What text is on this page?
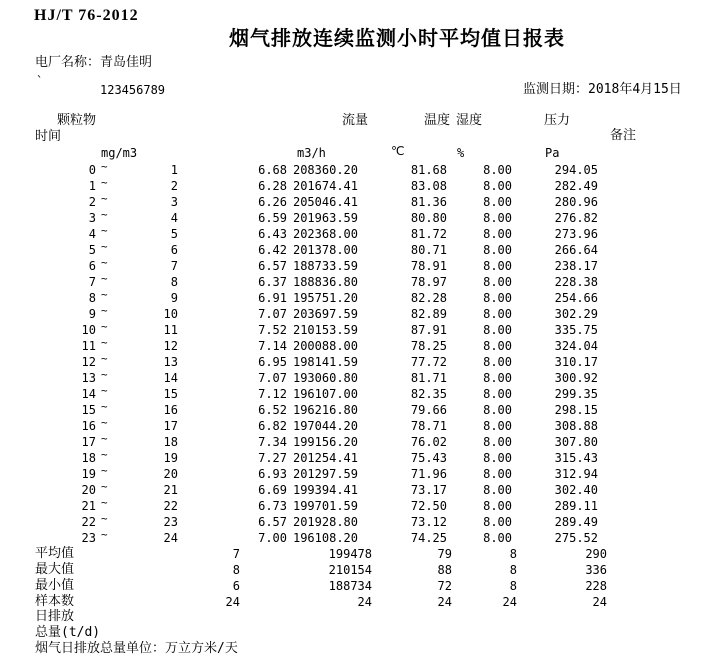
HJ/T 76-2012
烟气排放连续监测小时平均值日报表
电厂名称：青岛佳明
`
123456789	监测日期：2018年4月15日
颗粒物
时间
流量	温度 湿度	压力
备注
mg/m3	m3/h	℃	%	Pa
0 ~	1	6.68 208360.20	81.68	8.00	294.05
1 ~	2	6.28 201674.41	83.08	8.00	282.49
2 ~	3	6.26 205046.41	81.36	8.00	280.96
3 ~	4	6.59 201963.59	80.80	8.00	276.82
4 ~	5	6.43 202368.00	81.72	8.00	273.96
5 ~	6	6.42 201378.00	80.71	8.00	266.64
6 ~	7	6.57 188733.59	78.91	8.00	238.17
7 ~	8	6.37 188836.80	78.97	8.00	228.38
8 ~	9	6.91 195751.20	82.28	8.00	254.66
9 ~	10	7.07 203697.59	82.89	8.00	302.29
10 ~	11	7.52 210153.59	87.91	8.00	335.75
11 ~	12	7.14 200088.00	78.25	8.00	324.04
12 ~	13	6.95 198141.59	77.72	8.00	310.17
13 ~	14	7.07 193060.80	81.71	8.00	300.92
14 ~	15	7.12 196107.00	82.35	8.00	299.35
15 ~	16	6.52 196216.80	79.66	8.00	298.15
16 ~	17	6.82 197044.20	78.71	8.00	308.88
17 ~	18	7.34 199156.20	76.02	8.00	307.80
18 ~	19	7.27 201254.41	75.43	8.00	315.43
19 ~	20	6.93 201297.59	71.96	8.00	312.94
20 ~	21	6.69 199394.41	73.17	8.00	302.40
21 ~	22	6.73 199701.59	72.50	8.00	289.11
22 ~	23	6.57 201928.80	73.12	8.00	289.49
23 ~	24	7.00 196108.20	74.25	8.00	275.52
平均值	7	199478	79	8	290
最大值	8	210154	88	8	336
最小值	6	188734	72	8	228
样本数	24	24	24	24	24
日排放
总量(t/d)
烟气日排放总量单位：万立方米/天
